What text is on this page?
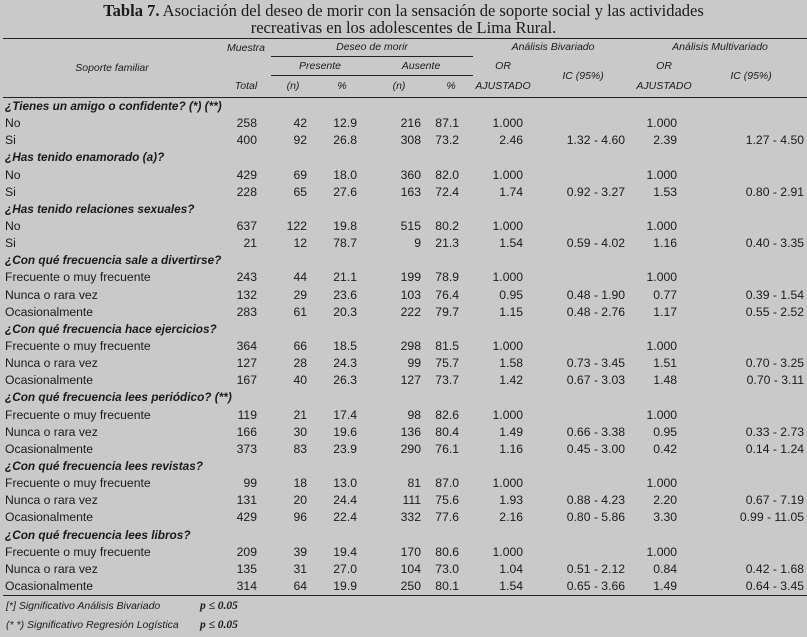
Tabla 7. Asociación del deseo de morir con la sensación de soporte social y las actividades
recreativas en los adolescentes de Lima Rural.
Soporte familiar	Muestra	Deseo de morir				Análisis Bivariado		Análisis Multivariado	
		Presente		Ausente		OR	IC (95%)	OR	IC (95%)
	Total	(n)	%	(n)	%	AJUSTADO		AJUSTADO	
¿Tienes un amigo o confidente? (*) (**)									
No	258	42	12.9	216	87.1	1.000		1.000	
Si	400	92	26.8	308	73.2	2.46	1.32 - 4.60	2.39	1.27 - 4.50
¿Has tenido enamorado (a)?									
No	429	69	18.0	360	82.0	1.000		1.000	
Si	228	65	27.6	163	72.4	1.74	0.92 - 3.27	1.53	0.80 - 2.91
¿Has tenido relaciones sexuales?									
No	637	122	19.8	515	80.2	1.000		1.000	
Si	21	12	78.7	9	21.3	1.54	0.59 - 4.02	1.16	0.40 - 3.35
¿Con qué frecuencia sale a divertirse?									
Frecuente o muy frecuente	243	44	21.1	199	78.9	1.000		1.000	
Nunca o rara vez	132	29	23.6	103	76.4	0.95	0.48 - 1.90	0.77	0.39 - 1.54
Ocasionalmente	283	61	20.3	222	79.7	1.15	0.48 - 2.76	1.17	0.55 - 2.52
¿Con qué frecuencia hace ejercicios?									
Frecuente o muy frecuente	364	66	18.5	298	81.5	1.000		1.000	
Nunca o rara vez	127	28	24.3	99	75.7	1.58	0.73 - 3.45	1.51	0.70 - 3.25
Ocasionalmente	167	40	26.3	127	73.7	1.42	0.67 - 3.03	1.48	0.70 - 3.11
¿Con qué frecuencia lees periódico? (**)									
Frecuente o muy frecuente	119	21	17.4	98	82.6	1.000		1.000	
Nunca o rara vez	166	30	19.6	136	80.4	1.49	0.66 - 3.38	0.95	0.33 - 2.73
Ocasionalmente	373	83	23.9	290	76.1	1.16	0.45 - 3.00	0.42	0.14 - 1.24
¿Con qué frecuencia lees revistas?									
Frecuente o muy frecuente	99	18	13.0	81	87.0	1.000		1.000	
Nunca o rara vez	131	20	24.4	111	75.6	1.93	0.88 - 4.23	2.20	0.67 - 7.19
Ocasionalmente	429	96	22.4	332	77.6	2.16	0.80 - 5.86	3.30	0.99 - 11.05
¿Con qué frecuencia lees libros?									
Frecuente o muy frecuente	209	39	19.4	170	80.6	1.000		1.000	
Nunca o rara vez	135	31	27.0	104	73.0	1.04	0.51 - 2.12	0.84	0.42 - 1.68
Ocasionalmente	314	64	19.9	250	80.1	1.54	0.65 - 3.66	1.49	0.64 - 3.45
[*] Significativo Análisis Bivariado	p ≤ 0.05
(* *) Significativo Regresión Logística p ≤ 0.05
